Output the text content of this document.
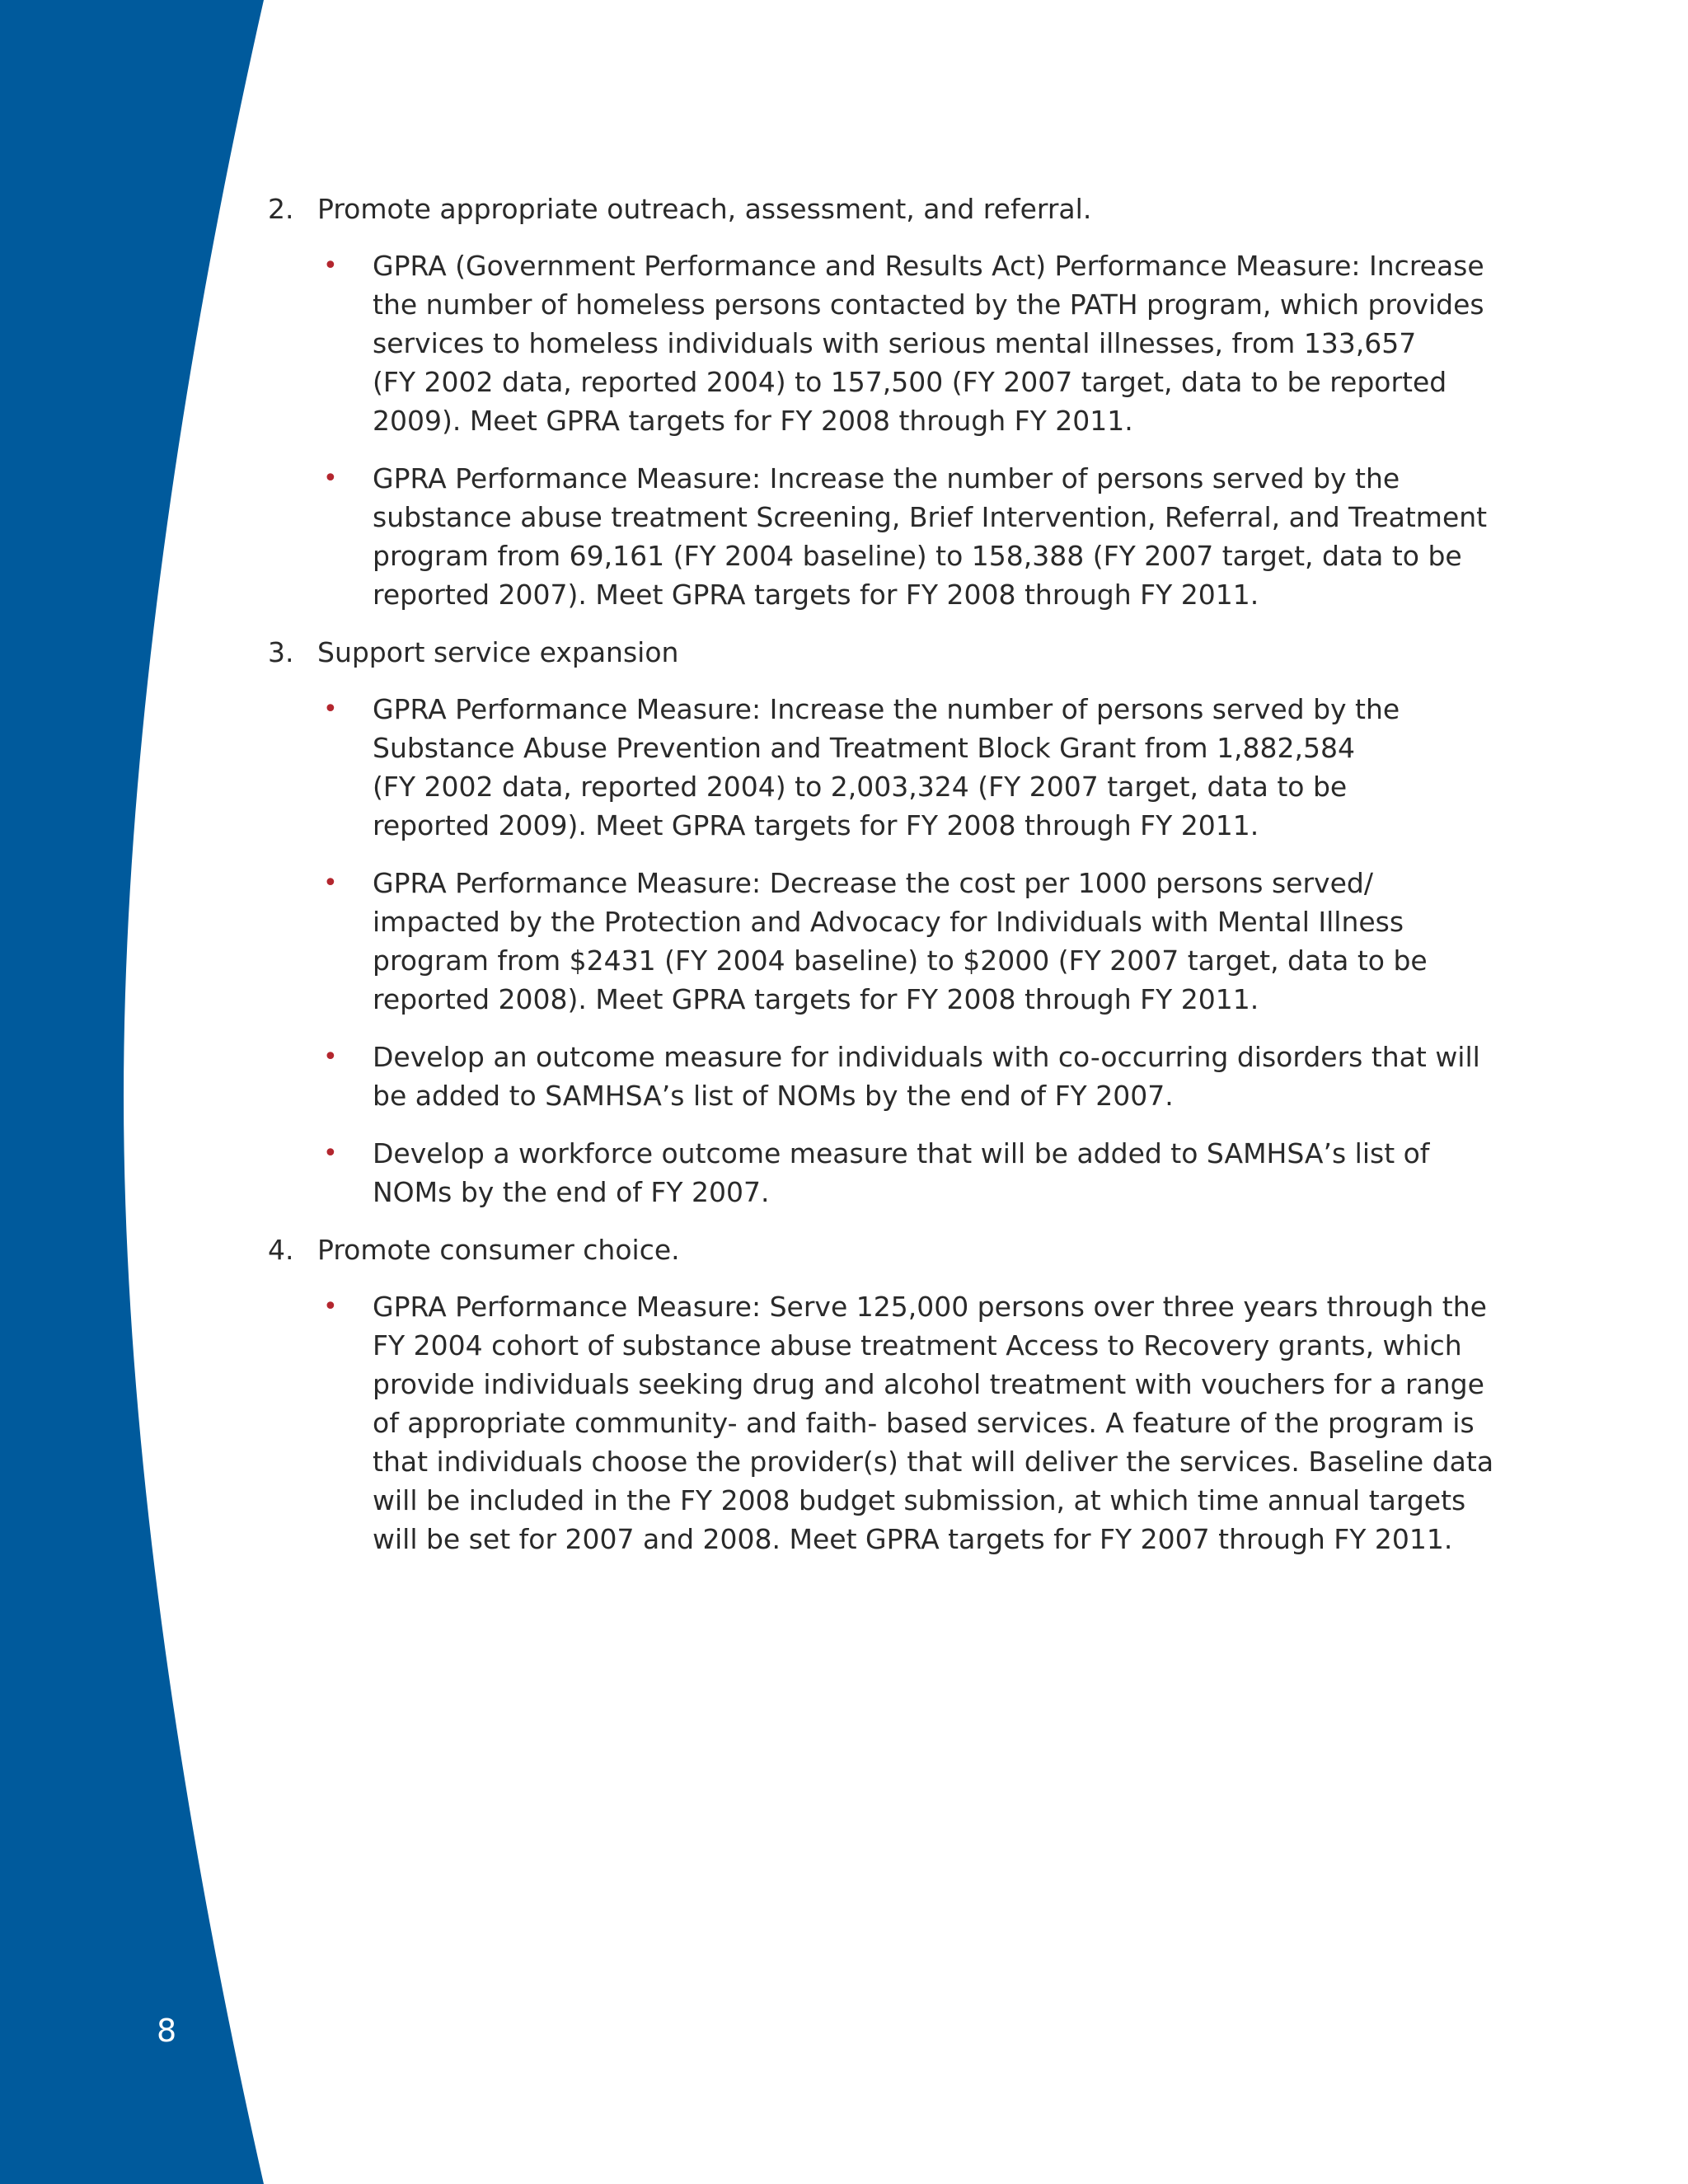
8
2. Promote appropriate outreach, assessment, and referral.
•	GPRA (Government Performance and Results Act) Performance Measure: Increase
the number of homeless persons contacted by the PATH program, which provides
services to homeless individuals with serious mental illnesses, from 133,657
(FY 2002 data, reported 2004) to 157,500 (FY 2007 target, data to be reported
2009). Meet GPRA targets for FY 2008 through FY 2011.
•	GPRA Performance Measure: Increase the number of persons served by the
substance abuse treatment Screening, Brief Intervention, Referral, and Treatment
program from 69,161 (FY 2004 baseline) to 158,388 (FY 2007 target, data to be
reported 2007). Meet GPRA targets for FY 2008 through FY 2011.
3. Support service expansion
•	GPRA Performance Measure: Increase the number of persons served by the
Substance Abuse Prevention and Treatment Block Grant from 1,882,584
(FY 2002 data, reported 2004) to 2,003,324 (FY 2007 target, data to be
reported 2009). Meet GPRA targets for FY 2008 through FY 2011.
•	GPRA Performance Measure: Decrease the cost per 1000 persons served/
impacted by the Protection and Advocacy for Individuals with Mental Illness
program from $2431 (FY 2004 baseline) to $2000 (FY 2007 target, data to be
reported 2008). Meet GPRA targets for FY 2008 through FY 2011.
•	Develop an outcome measure for individuals with co-occurring disorders that will
be added to SAMHSA’s list of NOMs by the end of FY 2007.
•	Develop a workforce outcome measure that will be added to SAMHSA’s list of
NOMs by the end of FY 2007.
4. Promote consumer choice.
•	GPRA Performance Measure: Serve 125,000 persons over three years through the
FY 2004 cohort of substance abuse treatment Access to Recovery grants, which
provide individuals seeking drug and alcohol treatment with vouchers for a range
of appropriate community- and faith- based services. A feature of the program is
that individuals choose the provider(s) that will deliver the services. Baseline data
will be included in the FY 2008 budget submission, at which time annual targets
will be set for 2007 and 2008. Meet GPRA targets for FY 2007 through FY 2011.
